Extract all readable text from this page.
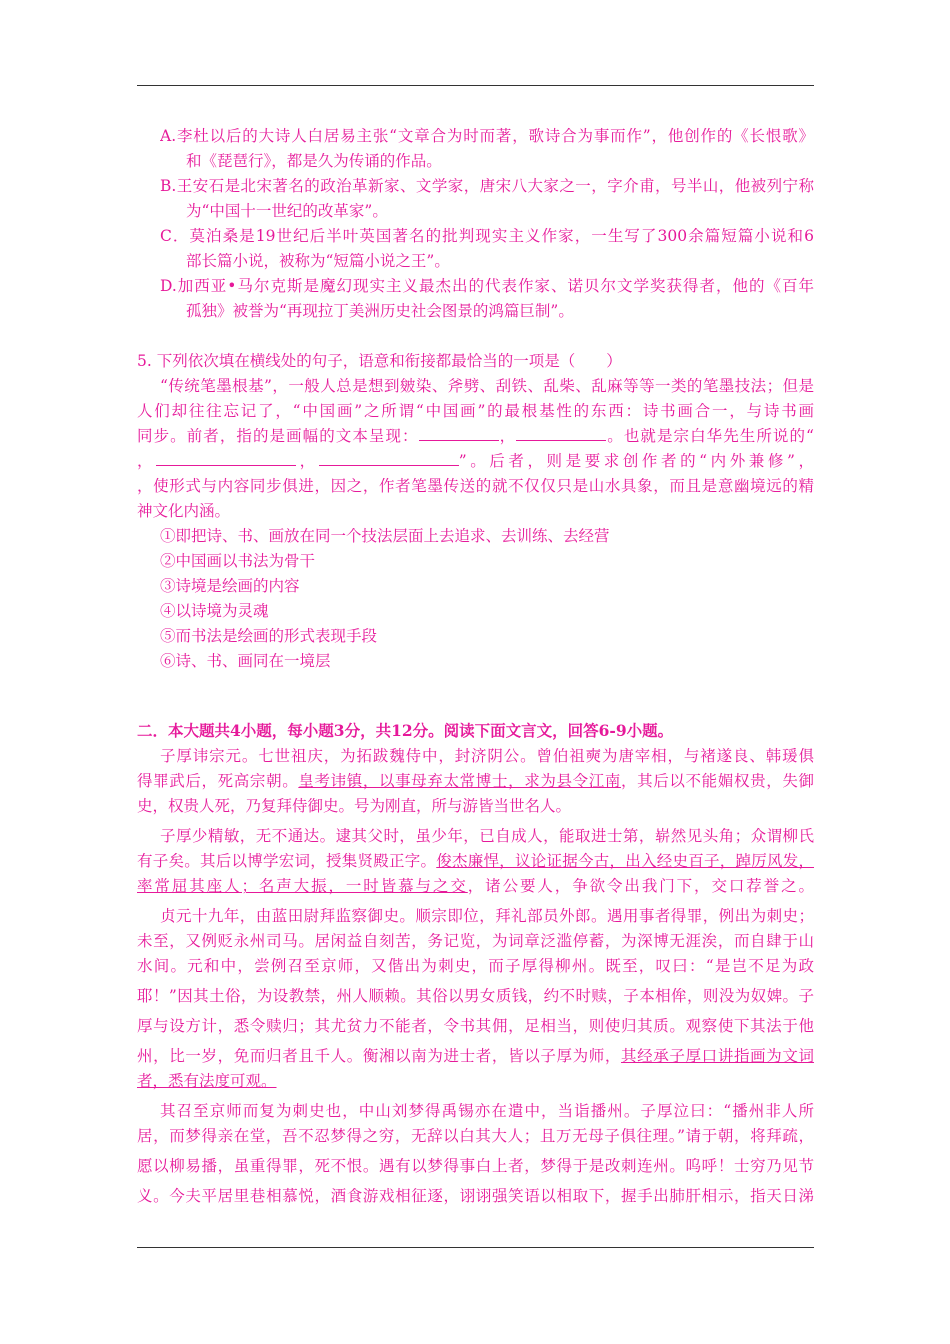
A.李杜以后的大诗人白居易主张“文章合为时而著，歌诗合为事而作”，他创作的《长恨歌》
和《琵琶行》，都是久为传诵的作品。
B.王安石是北宋著名的政治革新家、文学家，唐宋八大家之一，字介甫，号半山，他被列宁称
为“中国十一世纪的改革家”。
C．莫泊桑是19世纪后半叶英国著名的批判现实主义作家，一生写了300余篇短篇小说和6
部长篇小说，被称为“短篇小说之王”。
D.加西亚•马尔克斯是魔幻现实主义最杰出的代表作家、诺贝尔文学奖获得者，他的《百年
孤独》被誉为“再现拉丁美洲历史社会图景的鸿篇巨制”。
5. 下列依次填在横线处的句子，语意和衔接都最恰当的一项是（　　）
“传统笔墨根基”，一般人总是想到皴染、斧劈、刮铁、乱柴、乱麻等等一类的笔墨技法；但是
人们却往往忘记了，“中国画”之所谓“中国画”的最根基性的东西：诗书画合一，与诗书画
同步。前者，指的是画幅的文本呈现：	，	。也就是宗白华先生所说的“
，	，	”。后者，则是要求创作者的“内外兼修”，
，使形式与内容同步俱进，因之，作者笔墨传送的就不仅仅只是山水具象，而且是意幽境远的精
神文化内涵。
①即把诗、书、画放在同一个技法层面上去追求、去训练、去经营
②中国画以书法为骨干
③诗境是绘画的内容
④以诗境为灵魂
⑤而书法是绘画的形式表现手段
⑥诗、书、画同在一境层
二．本大题共4小题，每小题3分，共12分。阅读下面文言文，回答6-9小题。
子厚讳宗元。七世祖庆，为拓跋魏侍中，封济阴公。曾伯祖奭为唐宰相，与褚遂良、韩瑗俱
得罪武后，死高宗朝。皇考讳镇，以事母弃太常博士，求为县令江南，其后以不能媚权贵，失御
史，权贵人死，乃复拜侍御史。号为刚直，所与游皆当世名人。
子厚少精敏，无不通达。逮其父时，虽少年，已自成人，能取进士第，崭然见头角；众谓柳氏
有子矣。其后以博学宏词，授集贤殿正字。俊杰廉悍，议论证据今古，出入经史百子，踔厉风发，
率常屈其座人；名声大振，一时皆慕与之交，诸公要人，争欲令出我门下，交口荐誉之。
贞元十九年，由蓝田尉拜监察御史。顺宗即位，拜礼部员外郎。遇用事者得罪，例出为刺史；
未至，又例贬永州司马。居闲益自刻苦，务记览，为词章泛滥停蓄，为深博无涯涘，而自肆于山
水间。元和中，尝例召至京师，又偕出为刺史，而子厚得柳州。既至，叹曰：“是岂不足为政
耶！”因其土俗，为设教禁，州人顺赖。其俗以男女质钱，约不时赎，子本相侔，则没为奴婢。子
厚与设方计，悉令赎归；其尤贫力不能者，令书其佣，足相当，则使归其质。观察使下其法于他
州，比一岁，免而归者且千人。衡湘以南为进士者，皆以子厚为师，其经承子厚口讲指画为文词
者，悉有法度可观。
其召至京师而复为刺史也，中山刘梦得禹锡亦在遣中，当诣播州。子厚泣曰：“播州非人所
居，而梦得亲在堂，吾不忍梦得之穷，无辞以白其大人；且万无母子俱往理。”请于朝，将拜疏，
愿以柳易播，虽重得罪，死不恨。遇有以梦得事白上者，梦得于是改刺连州。呜呼！士穷乃见节
义。今夫平居里巷相慕悦，酒食游戏相征逐，诩诩强笑语以相取下，握手出肺肝相示，指天日涕
